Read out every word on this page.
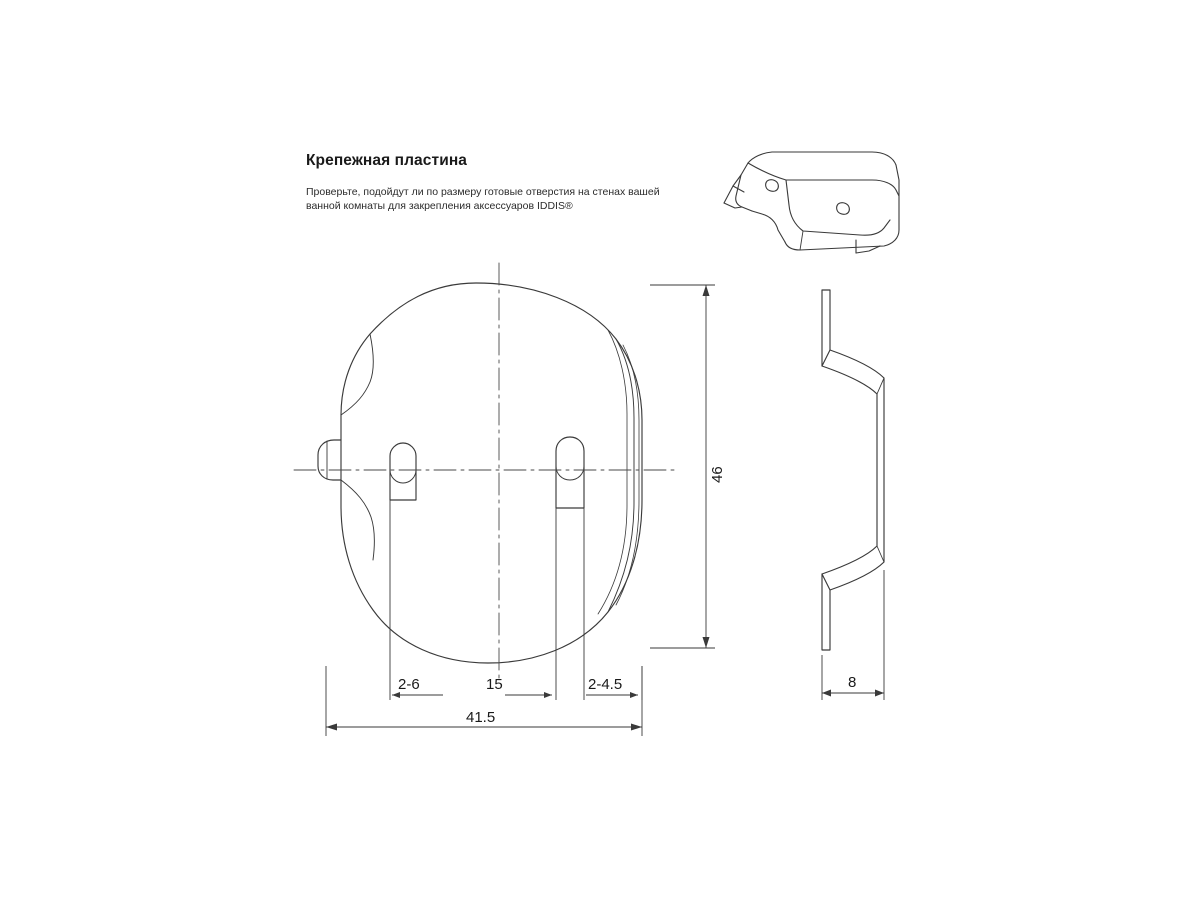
Крепежная пластина
Проверьте, подойдут ли по размеру готовые отверстия на стенах вашей ванной комнаты для закрепления аксессуаров IDDIS®
46
41.5
2-6	15	2-4.5	8
